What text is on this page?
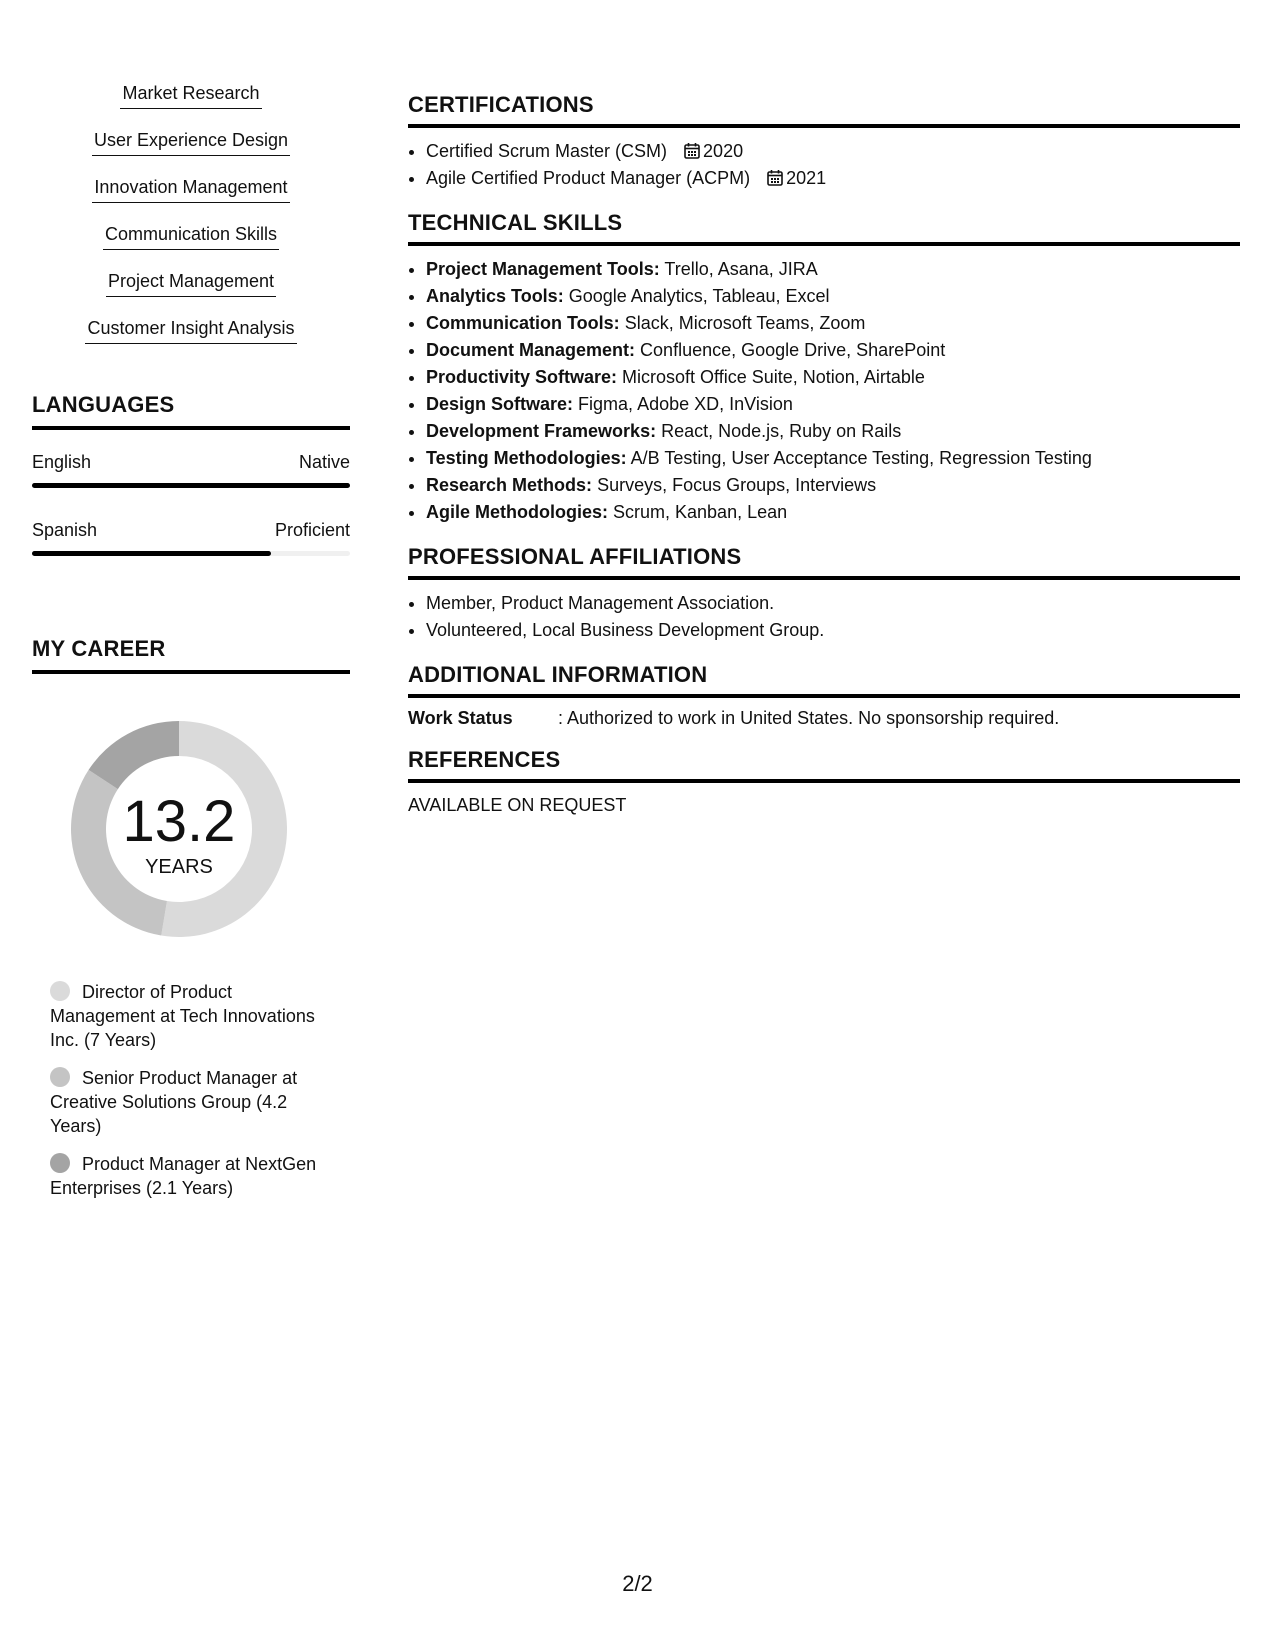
Market Research
User Experience Design
Innovation Management
Communication Skills
Project Management
Customer Insight Analysis
LANGUAGES
English	Native
Spanish	Proficient
MY CAREER
13.2
YEARS
Director of Product Management at Tech Innovations Inc. (7 Years)
Senior Product Manager at Creative Solutions Group (4.2 Years)
Product Manager at NextGen Enterprises (2.1 Years)
CERTIFICATIONS
• Certified Scrum Master (CSM) 2020
• Agile Certified Product Manager (ACPM) 2021
TECHNICAL SKILLS
• Project Management Tools: Trello, Asana, JIRA
• Analytics Tools: Google Analytics, Tableau, Excel
• Communication Tools: Slack, Microsoft Teams, Zoom
• Document Management: Confluence, Google Drive, SharePoint
• Productivity Software: Microsoft Office Suite, Notion, Airtable
• Design Software: Figma, Adobe XD, InVision
• Development Frameworks: React, Node.js, Ruby on Rails
• Testing Methodologies: A/B Testing, User Acceptance Testing, Regression Testing
• Research Methods: Surveys, Focus Groups, Interviews
• Agile Methodologies: Scrum, Kanban, Lean
PROFESSIONAL AFFILIATIONS
• Member, Product Management Association.
• Volunteered, Local Business Development Group.
ADDITIONAL INFORMATION
Work Status	: Authorized to work in United States. No sponsorship required.
REFERENCES
AVAILABLE ON REQUEST
2/2
